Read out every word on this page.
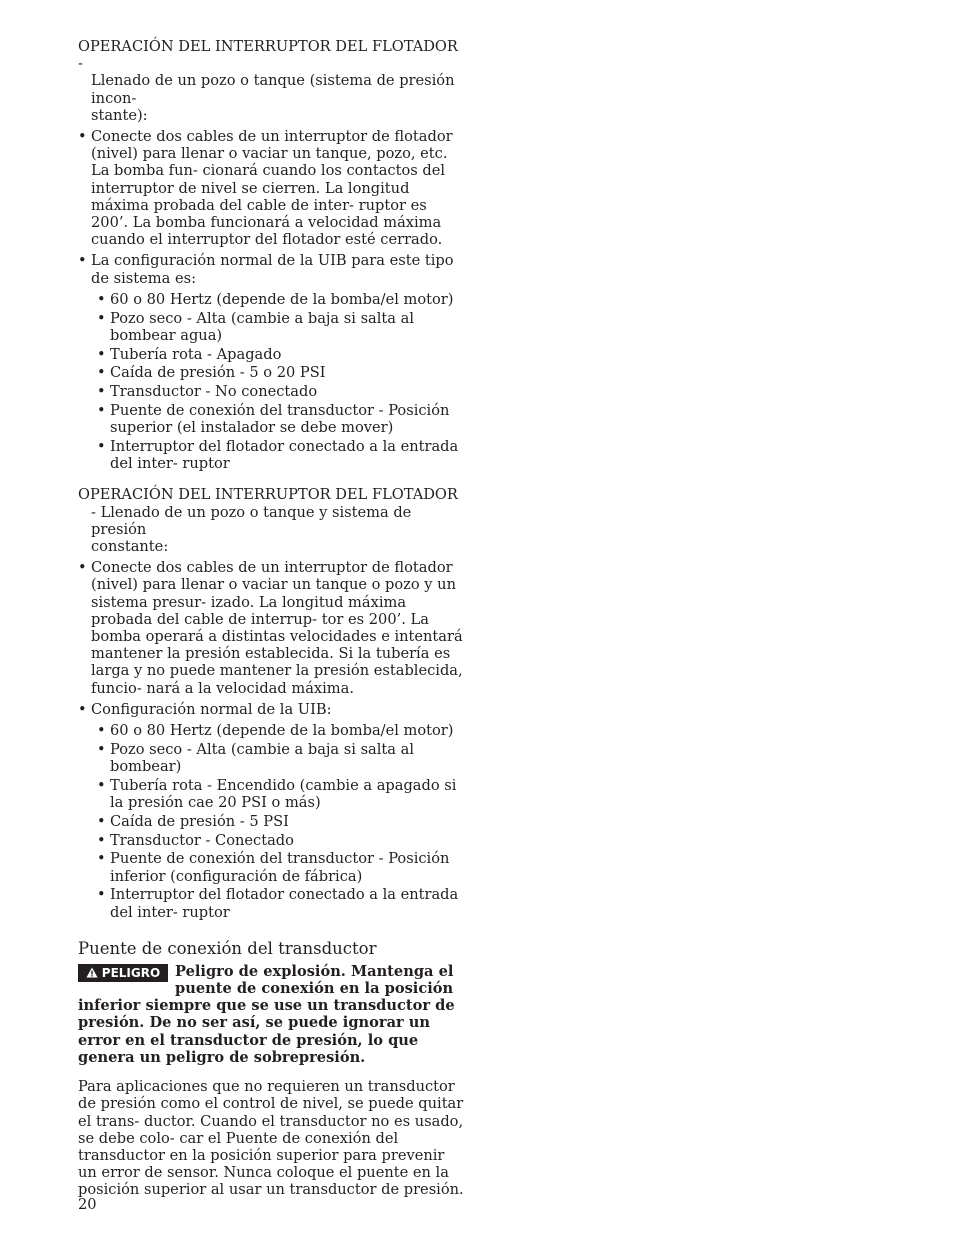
OPERACIÓN DEL INTERRUPTOR DEL FLOTADOR -

Llenado de un pozo o tanque (sistema de presión incon-

stante):

• Conecte dos cables de un interruptor de flotador (nivel) para llenar o vaciar un tanque, pozo, etc. La bomba fun- cionará cuando los contactos del interruptor de nivel se cierren. La longitud máxima probada del cable de inter- ruptor es 200’. La bomba funcionará a velocidad máxima cuando el interruptor del flotador esté cerrado.
• La configuración normal de la UIB para este tipo de sistema es:
• 60 o 80 Hertz (depende de la bomba/el motor)
• Pozo seco - Alta (cambie a baja si salta al bombear agua)
• Tubería rota - Apagado
• Caída de presión - 5 o 20 PSI
• Transductor - No conectado
• Puente de conexión del transductor - Posición superior (el instalador se debe mover)
• Interruptor del flotador conectado a la entrada del inter- ruptor

OPERACIÓN DEL INTERRUPTOR DEL FLOTADOR

- Llenado de un pozo o tanque y sistema de presión

constante:

• Conecte dos cables de un interruptor de flotador (nivel) para llenar o vaciar un tanque o pozo y un sistema presur- izado. La longitud máxima probada del cable de interrup- tor es 200’. La bomba operará a distintas velocidades e intentará mantener la presión establecida. Si la tubería es larga y no puede mantener la presión establecida, funcio- nará a la velocidad máxima.
• Configuración normal de la UIB:
• 60 o 80 Hertz (depende de la bomba/el motor)
• Pozo seco - Alta (cambie a baja si salta al bombear)
• Tubería rota - Encendido (cambie a apagado si la presión cae 20 PSI o más)
• Caída de presión - 5 PSI
• Transductor - Conectado
• Puente de conexión del transductor - Posición inferior (configuración de fábrica)
• Interruptor del flotador conectado a la entrada del inter- ruptor
Puente de conexión del transductor
PELIGRO Peligro de explosión. Mantenga el puente de conexión en la posición inferior siempre que se use un transductor de presión. De no ser así, se puede ignorar un error en el transductor de presión, lo que genera un peligro de sobrepresión.

Para aplicaciones que no requieren un transductor de presión como el control de nivel, se puede quitar el trans- ductor. Cuando el transductor no es usado, se debe colo- car el Puente de conexión del transductor en la posición superior para prevenir un error de sensor. Nunca coloque el puente en la posición superior al usar un transductor de presión.

20
